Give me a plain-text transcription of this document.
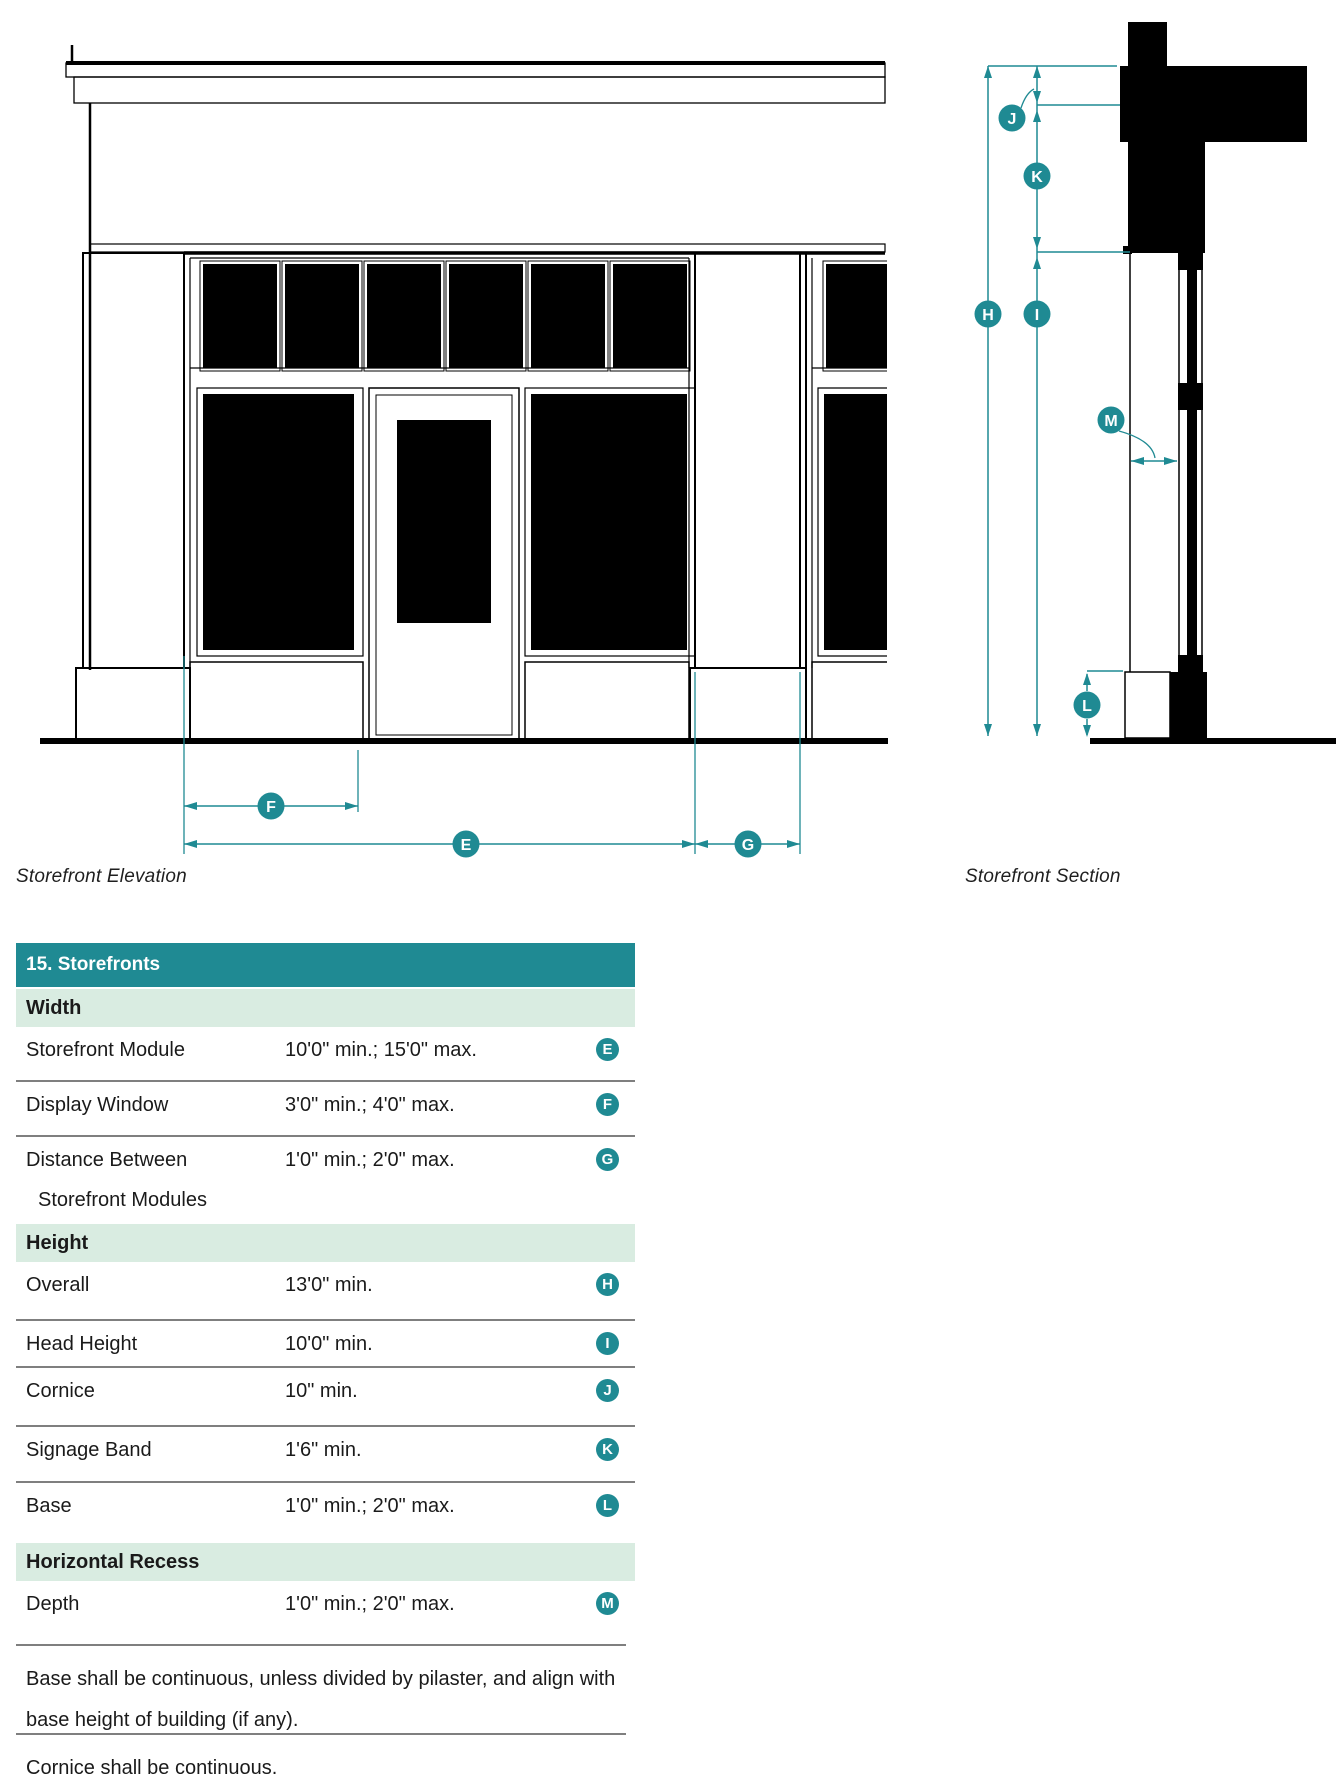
F
E	G
J
K
H	I
M
L
Storefront Elevation	Storefront Section
15. Storefronts
Width
Storefront Module	10'0" min.; 15'0" max.	E
Display Window	3'0" min.; 4'0" max.	F
Distance Between
Storefront Modules
1'0" min.; 2'0" max.	G
Height
Overall	13'0" min.	H
Head Height	10'0" min.	I
Cornice	10" min.	J
Signage Band	1'6" min.	K
Base	1'0" min.; 2'0" max.	L
Horizontal Recess
Depth	1'0" min.; 2'0" max.	M
Base shall be continuous, unless divided by pilaster, and align with base height of building (if any).
Cornice shall be continuous.
